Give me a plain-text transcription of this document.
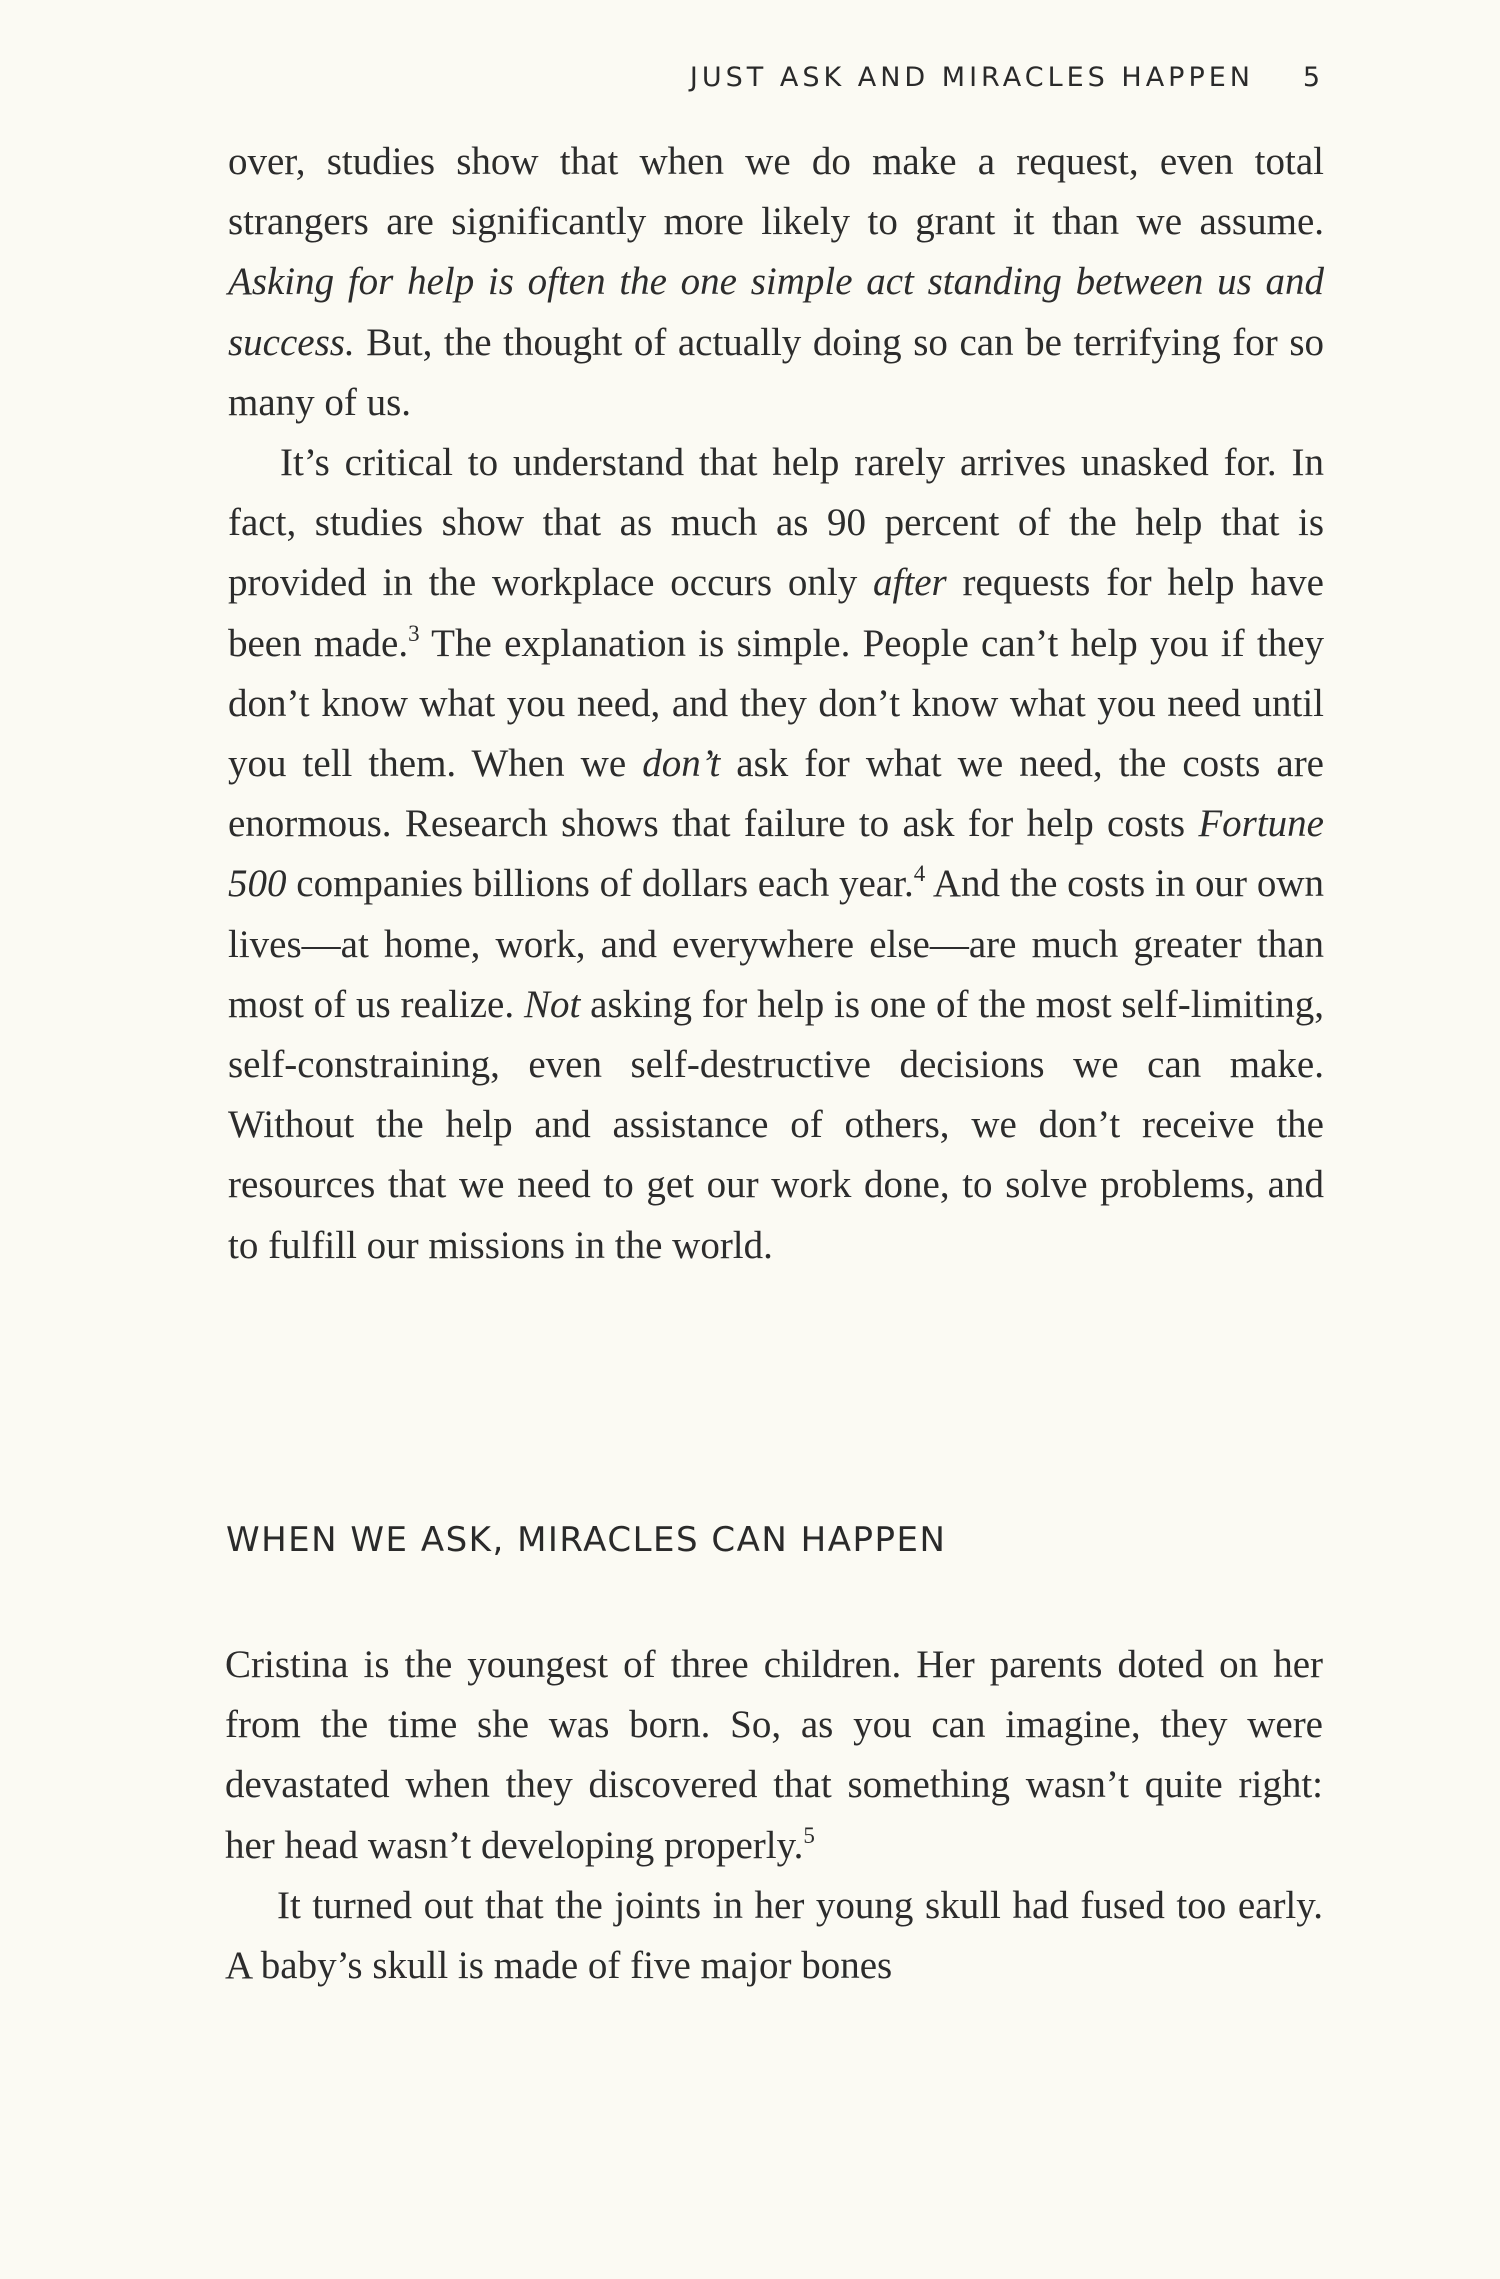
JUST ASK AND MIRACLES HAPPEN 5

over, studies show that when we do make a request, even total strangers are significantly more likely to grant it than we assume. Asking for help is often the one simple act standing between us and success. But, the thought of actually doing so can be terrifying for so many of us.

It’s critical to understand that help rarely arrives unasked for. In fact, studies show that as much as 90 percent of the help that is provided in the workplace occurs only after requests for help have been made.$^3$ The explanation is simple. People can’t help you if they don’t know what you need, and they don’t know what you need until you tell them. When we don’t ask for what we need, the costs are enormous. Research shows that failure to ask for help costs Fortune 500 companies billions of dollars each year.$^4$ And the costs in our own lives—at home, work, and everywhere else—are much greater than most of us realize. Not asking for help is one of the most self-limiting, self-constraining, even self-destructive decisions we can make. Without the help and assistance of others, we don’t receive the resources that we need to get our work done, to solve problems, and to fulfill our missions in the world.

WHEN WE ASK, MIRACLES CAN HAPPEN

Cristina is the youngest of three children. Her parents doted on her from the time she was born. So, as you can imagine, they were devastated when they discovered that something wasn’t quite right: her head wasn’t developing properly.$^5$

It turned out that the joints in her young skull had fused too early. A baby’s skull is made of five major bones
